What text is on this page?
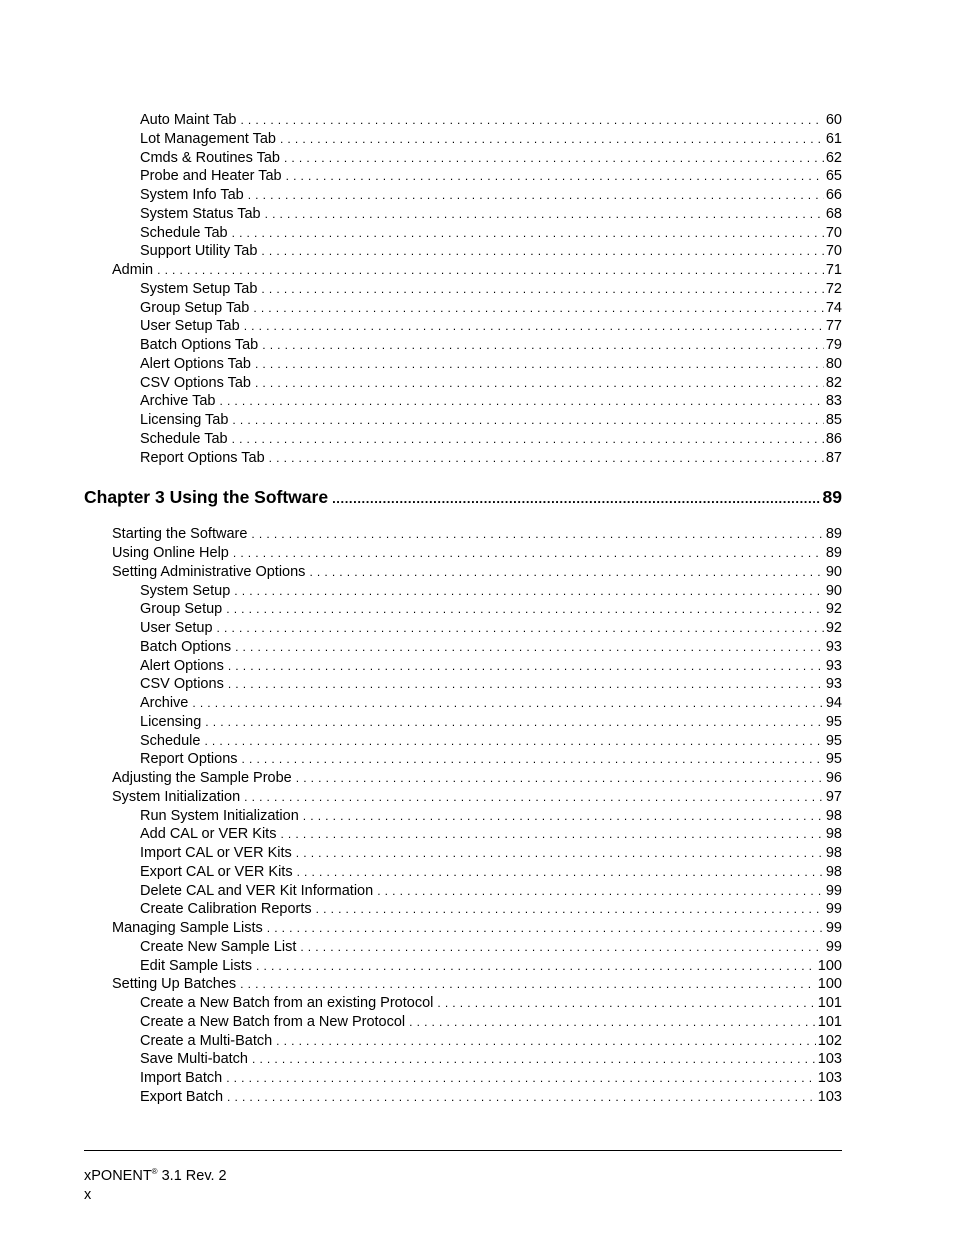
Auto Maint Tab . . .	60
Lot Management Tab . . .	61
Cmds & Routines Tab . . .	62
Probe and Heater Tab . . .	65
System Info Tab . . .	66
System Status Tab . . .	68
Schedule Tab . . .	70
Support Utility Tab . . .	70
Admin . . .	71
System Setup Tab . . .	72
Group Setup Tab . . .	74
User Setup Tab . . .	77
Batch Options Tab . . .	79
Alert Options Tab . . .	80
CSV Options Tab . . .	82
Archive Tab . . .	83
Licensing Tab . . .	85
Schedule Tab . . .	86
Report Options Tab . . .	87
Chapter 3 Using the Software .....	89
Starting the Software . . .	89
Using Online Help . . .	89
Setting Administrative Options . . .	90
System Setup . . .	90
Group Setup . . .	92
User Setup . . .	92
Batch Options . . .	93
Alert Options . . .	93
CSV Options . . .	93
Archive . . .	94
Licensing . . .	95
Schedule . . .	95
Report Options . . .	95
Adjusting the Sample Probe . . .	96
System Initialization . . .	97
Run System Initialization . . .	98
Add CAL or VER Kits . . .	98
Import CAL or VER Kits . . .	98
Export CAL or VER Kits . . .	98
Delete CAL and VER Kit Information . . .	99
Create Calibration Reports . . .	99
Managing Sample Lists . . .	99
Create New Sample List . . .	99
Edit Sample Lists . . .	100
Setting Up Batches . . .	100
Create a New Batch from an existing Protocol . . .	101
Create a New Batch from a New Protocol . . .	101
Create a Multi-Batch . . .	102
Save Multi-batch . . .	103
Import Batch . . .	103
Export Batch . . .	103
xPONENT® 3.1 Rev. 2
x
